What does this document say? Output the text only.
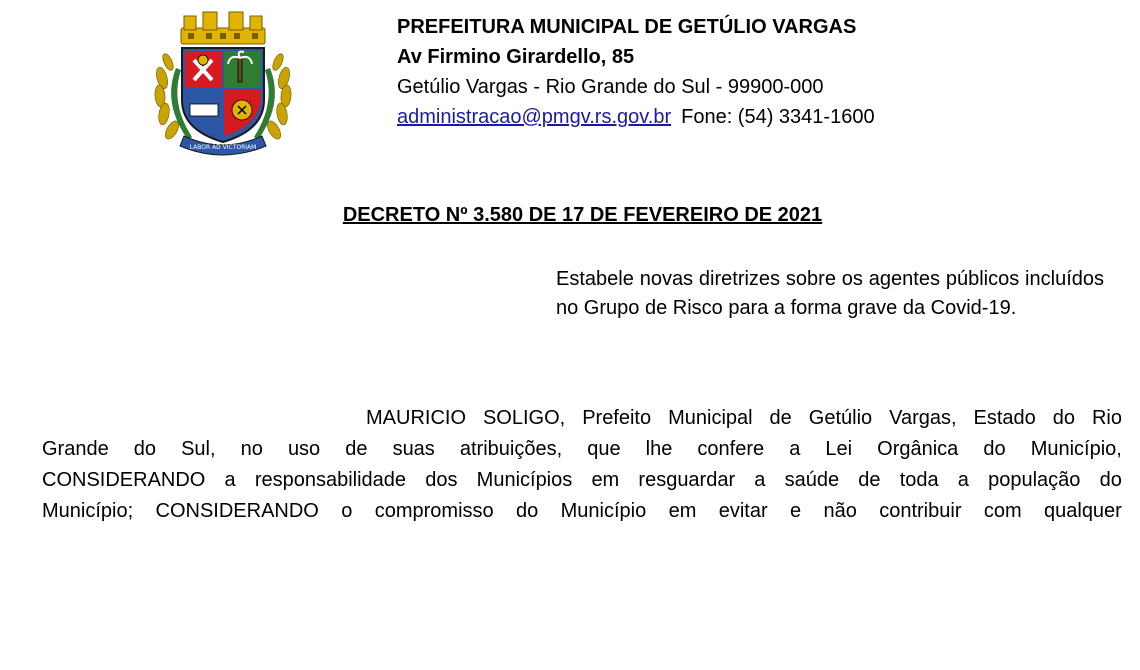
LABOR AD VICTORIAM
PREFEITURA MUNICIPAL DE GETÚLIO VARGAS
Av Firmino Girardello, 85
Getúlio Vargas - Rio Grande do Sul - 99900-000
administracao@pmgv.rs.gov.br Fone: (54) 3341-1600
DECRETO Nº 3.580 DE 17 DE FEVEREIRO DE 2021
Estabele novas diretrizes sobre os agentes públicos incluídos no Grupo de Risco para a forma grave da Covid-19.
MAURICIO SOLIGO, Prefeito Municipal de Getúlio Vargas, Estado do Rio
Grande do Sul, no uso de suas atribuições, que lhe confere a Lei Orgânica do Município,
CONSIDERANDO a responsabilidade dos Municípios em resguardar a saúde de toda a população do
Município; CONSIDERANDO o compromisso do Município em evitar e não contribuir com qualquer
